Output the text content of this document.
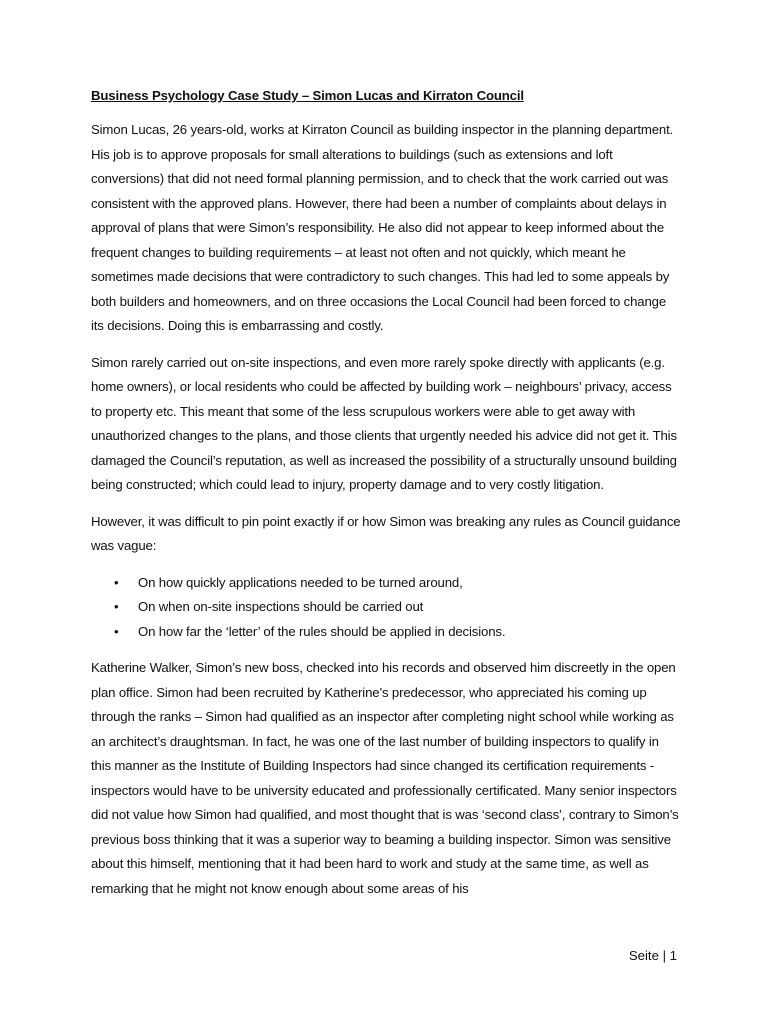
Business Psychology Case Study – Simon Lucas and Kirraton Council

Simon Lucas, 26 years-old, works at Kirraton Council as building inspector in the planning department. His job is to approve proposals for small alterations to buildings (such as extensions and loft conversions) that did not need formal planning permission, and to check that the work carried out was consistent with the approved plans. However, there had been a number of complaints about delays in approval of plans that were Simon’s responsibility. He also did not appear to keep informed about the frequent changes to building requirements – at least not often and not quickly, which meant he sometimes made decisions that were contradictory to such changes. This had led to some appeals by both builders and homeowners, and on three occasions the Local Council had been forced to change its decisions. Doing this is embarrassing and costly.

Simon rarely carried out on-site inspections, and even more rarely spoke directly with applicants (e.g. home owners), or local residents who could be affected by building work – neighbours’ privacy, access to property etc. This meant that some of the less scrupulous workers were able to get away with unauthorized changes to the plans, and those clients that urgently needed his advice did not get it. This damaged the Council’s reputation, as well as increased the possibility of a structurally unsound building being constructed; which could lead to injury, property damage and to very costly litigation.

However, it was difficult to pin point exactly if or how Simon was breaking any rules as Council guidance was vague:

• On how quickly applications needed to be turned around,
• On when on-site inspections should be carried out
• On how far the ‘letter’ of the rules should be applied in decisions.

Katherine Walker, Simon’s new boss, checked into his records and observed him discreetly in the open plan office. Simon had been recruited by Katherine’s predecessor, who appreciated his coming up through the ranks – Simon had qualified as an inspector after completing night school while working as an architect’s draughtsman. In fact, he was one of the last number of building inspectors to qualify in this manner as the Institute of Building Inspectors had since changed its certification requirements - inspectors would have to be university educated and professionally certificated. Many senior inspectors did not value how Simon had qualified, and most thought that is was ‘second class’, contrary to Simon’s previous boss thinking that it was a superior way to beaming a building inspector. Simon was sensitive about this himself, mentioning that it had been hard to work and study at the same time, as well as remarking that he might not know enough about some areas of his

Seite | 1
